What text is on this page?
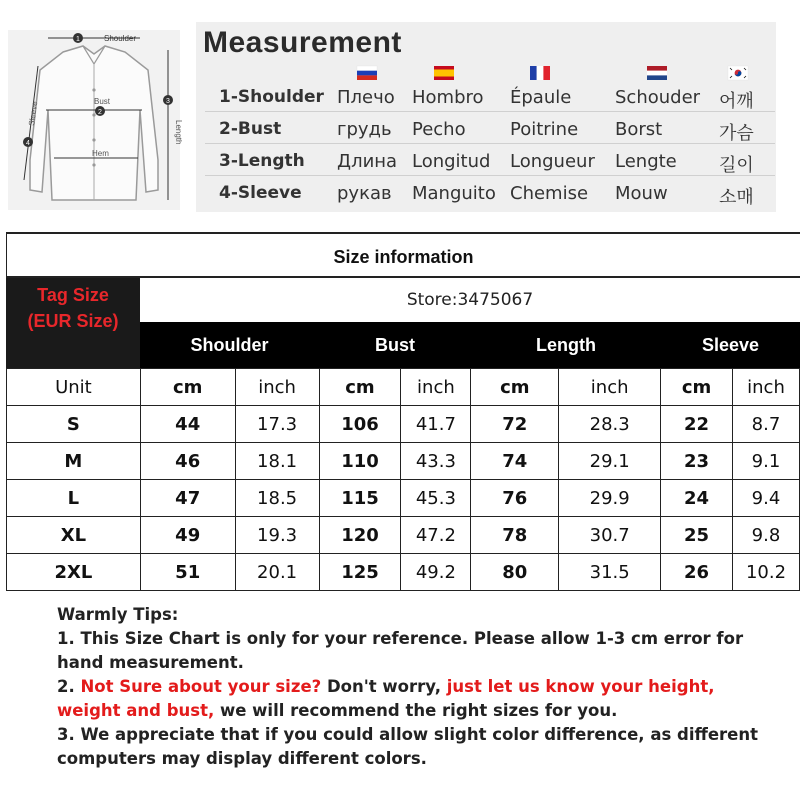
1	Shoulder
2
Bust
Hem
3
Length
4
Sleeve
Measurement
1-Shoulder Плечо Hombro Épaule Schouder 어깨
2-Bust	грудь Pecho Poitrine Borst	가슴
3-Length Длина Longitud Longueur Lengte 길이
4-Sleeve рукав Manguito Chemise Mouw	소매
Size information
Tag Size
(EUR Size)
Store:3475067
Shoulder	Bust	Length	Sleeve
Unit	cm	inch	cm	inch	cm	inch	cm	inch
S	44	17.3	106	41.7	72	28.3	22	8.7
M	46	18.1	110	43.3	74	29.1	23	9.1
L	47	18.5	115	45.3	76	29.9	24	9.4
XL	49	19.3	120	47.2	78	30.7	25	9.8
2XL	51	20.1	125	49.2	80	31.5	26	10.2

Warmly Tips:

1. This Size Chart is only for your reference. Please allow 1-3 cm error for hand measurement.

2. Not Sure about your size? Don't worry, just let us know your height, weight and bust, we will recommend the right sizes for you.

3. We appreciate that if you could allow slight color difference, as different computers may display different colors.
